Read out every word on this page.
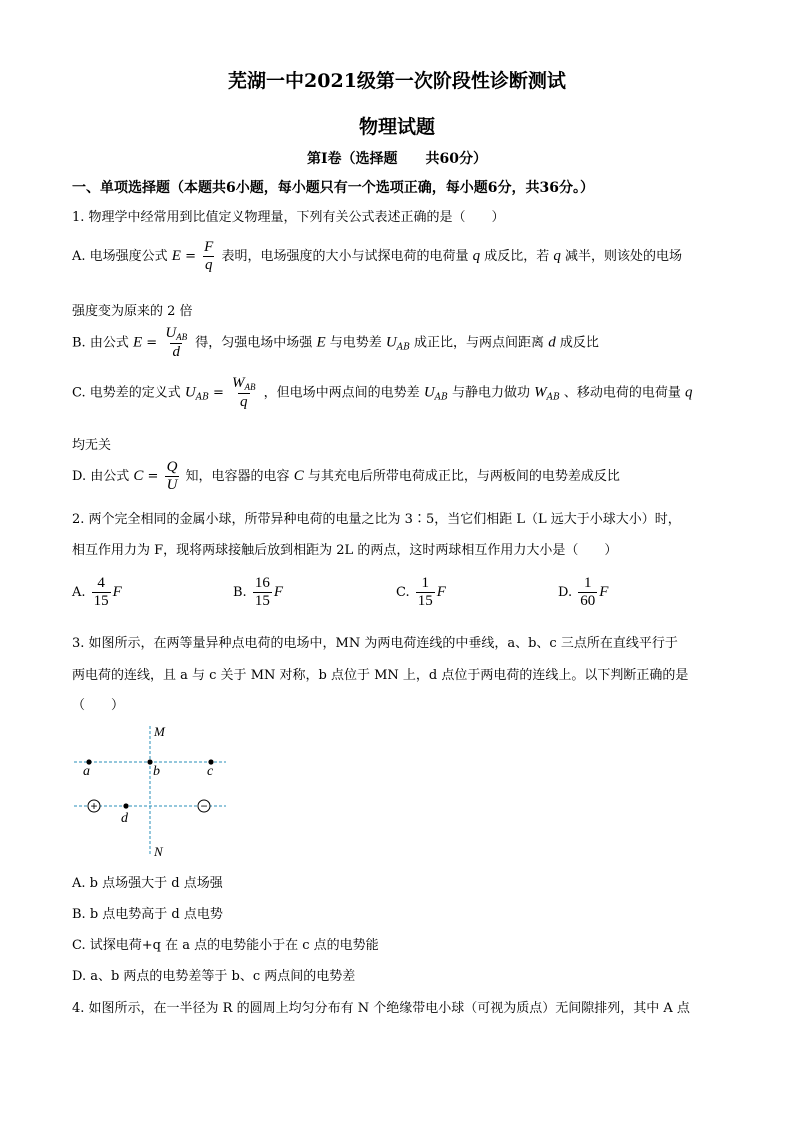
芜湖一中2021级第一次阶段性诊断测试
物理试题
第Ⅰ卷（选择题　　共60分）
一、单项选择题（本题共6小题，每小题只有一个选项正确，每小题6分，共36分。）
1. 物理学中经常用到比值定义物理量，下列有关公式表述正确的是（　　）
A. 电场强度公式 $E = \frac{F}{q}$ 表明，电场强度的大小与试探电荷的电荷量 q 成反比，若 q 减半，则该处的电场
强度变为原来的 2 倍
B. 由公式 $E = \frac{U_{AB}}{d}$ 得，匀强电场中场强 E 与电势差 $U_{AB}$ 成正比，与两点间距离 d 成反比
C. 电势差的定义式 $U_{AB} = \frac{W_{AB}}{q}$ ，但电场中两点间的电势差 $U_{AB}$ 与静电力做功 $W_{AB}$ 、移动电荷的电荷量 q
均无关
D. 由公式 $C = \frac{Q}{U}$ 知，电容器的电容 C 与其充电后所带电荷成正比，与两板间的电势差成反比
2. 两个完全相同的金属小球，所带异种电荷的电量之比为 3∶5，当它们相距 L（L 远大于小球大小）时，
相互作用力为 F，现将两球接触后放到相距为 2L 的两点，这时两球相互作用力大小是（　　）
A. $\frac{4}{15}$ F	B. $\frac{16}{15}$ F	C. $\frac{1}{15}$ F	D. $\frac{1}{60}$ F
3. 如图所示，在两等量异种点电荷的电场中，MN 为两电荷连线的中垂线，a、b、c 三点所在直线平行于
两电荷的连线，且 a 与 c 关于 MN 对称，b 点位于 MN 上，d 点位于两电荷的连线上。以下判断正确的是
（　　）
+	−
M
N
a	b	c
d
A. b 点场强大于 d 点场强
B. b 点电势高于 d 点电势
C. 试探电荷+q 在 a 点的电势能小于在 c 点的电势能
D. a、b 两点的电势差等于 b、c 两点间的电势差
4. 如图所示，在一半径为 R 的圆周上均匀分布有 N 个绝缘带电小球（可视为质点）无间隙排列，其中 A 点
